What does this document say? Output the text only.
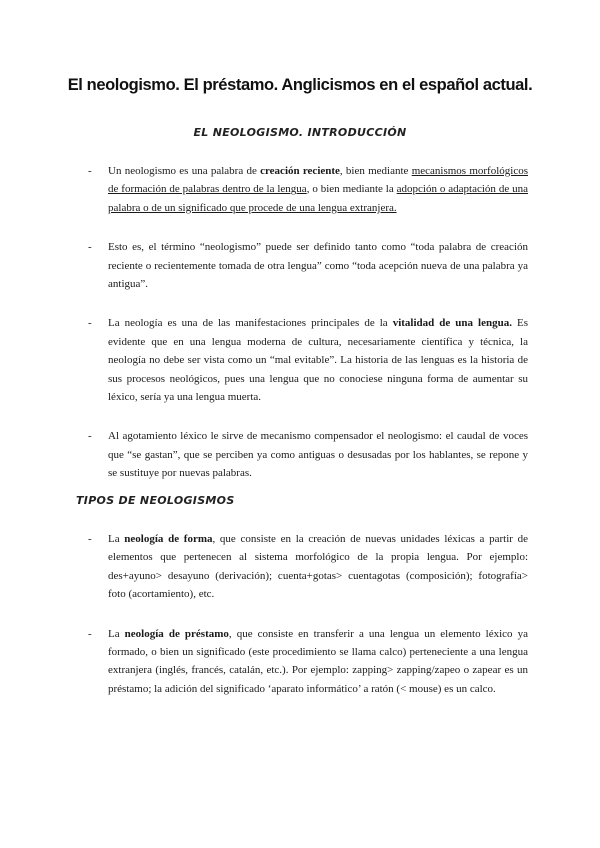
El neologismo. El préstamo. Anglicismos en el español actual.
EL NEOLOGISMO. INTRODUCCIÓN
- Un neologismo es una palabra de creación reciente, bien mediante mecanismos morfológicos de formación de palabras dentro de la lengua, o bien mediante la adopción o adaptación de una palabra o de un significado que procede de una lengua extranjera.
- Esto es, el término “neologismo” puede ser definido tanto como “toda palabra de creación reciente o recientemente tomada de otra lengua” como “toda acepción nueva de una palabra ya antigua”.
- La neología es una de las manifestaciones principales de la vitalidad de una lengua. Es evidente que en una lengua moderna de cultura, necesariamente científica y técnica, la neología no debe ser vista como un “mal evitable”. La historia de las lenguas es la historia de sus procesos neológicos, pues una lengua que no conociese ninguna forma de aumentar su léxico, sería ya una lengua muerta.
- Al agotamiento léxico le sirve de mecanismo compensador el neologismo: el caudal de voces que “se gastan”, que se perciben ya como antiguas o desusadas por los hablantes, se repone y se sustituye por nuevas palabras.
TIPOS DE NEOLOGISMOS
- La neología de forma, que consiste en la creación de nuevas unidades léxicas a partir de elementos que pertenecen al sistema morfológico de la propia lengua. Por ejemplo: des+ayuno> desayuno (derivación); cuenta+gotas> cuentagotas (composición); fotografía> foto (acortamiento), etc.
- La neología de préstamo, que consiste en transferir a una lengua un elemento léxico ya formado, o bien un significado (este procedimiento se llama calco) perteneciente a una lengua extranjera (inglés, francés, catalán, etc.). Por ejemplo: zapping> zapping/zapeo o zapear es un préstamo; la adición del significado ‘aparato informático’ a ratón (< mouse) es un calco.
